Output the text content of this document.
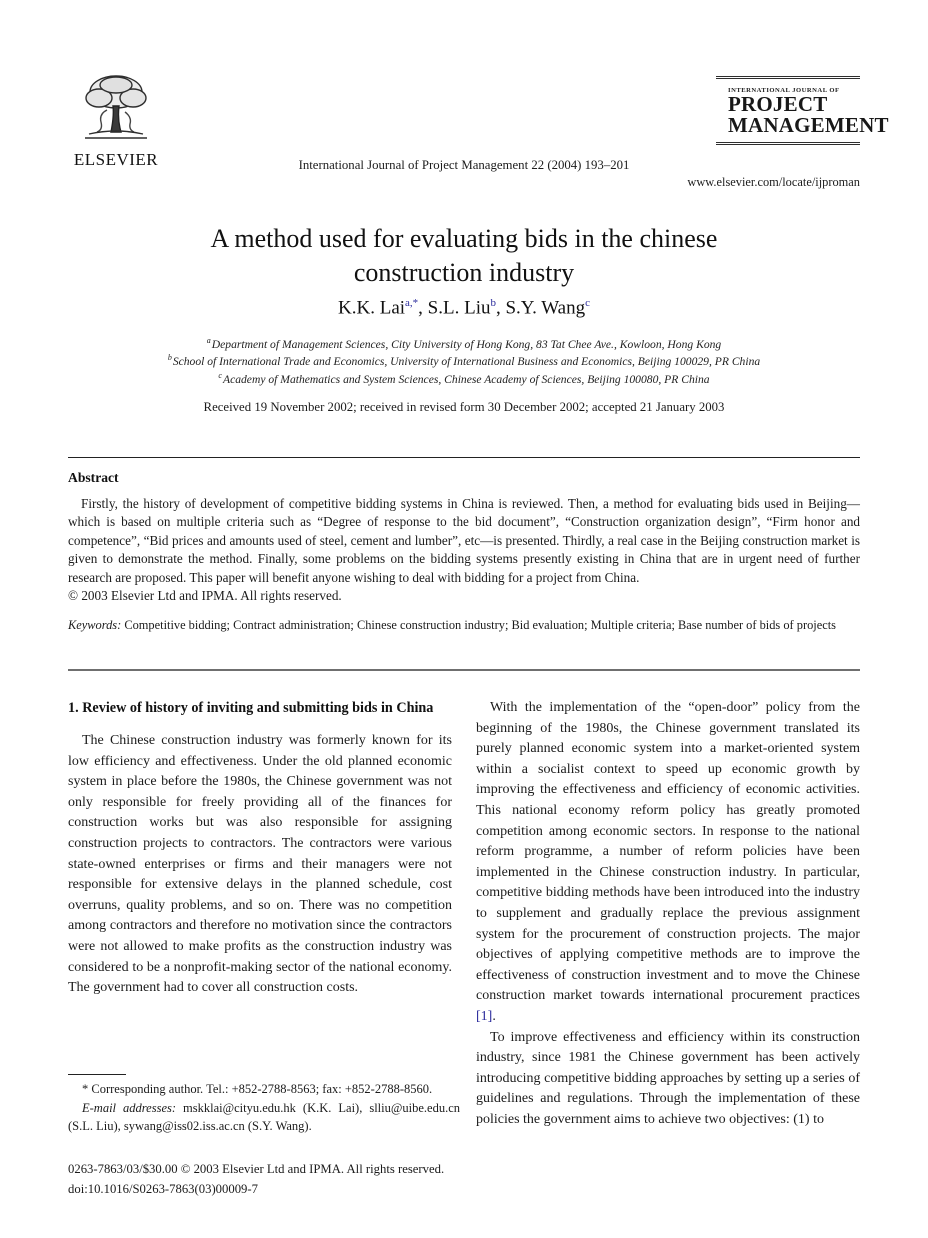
ELSEVIER	International Journal of Project Management 22 (2004) 193–201
INTERNATIONAL JOURNAL OF
PROJECT
MANAGEMENT
www.elsevier.com/locate/ijproman
A method used for evaluating bids in the chinese construction industry
K.K. Lai$^{a,*}$, S.L. Liu$^b$, S.Y. Wang$^c$
$^a$Department of Management Sciences, City University of Hong Kong, 83 Tat Chee Ave., Kowloon, Hong Kong
$^b$School of International Trade and Economics, University of International Business and Economics, Beijing 100029, PR China
$^c$Academy of Mathematics and System Sciences, Chinese Academy of Sciences, Beijing 100080, PR China
Received 19 November 2002; received in revised form 30 December 2002; accepted 21 January 2003
Abstract

Firstly, the history of development of competitive bidding systems in China is reviewed. Then, a method for evaluating bids used in Beijing—which is based on multiple criteria such as “Degree of response to the bid document”, “Construction organization design”, “Firm honor and competence”, “Bid prices and amounts used of steel, cement and lumber”, etc—is presented. Thirdly, a real case in the Beijing construction market is given to demonstrate the method. Finally, some problems on the bidding systems presently existing in China that are in urgent need of further research are proposed. This paper will benefit anyone wishing to deal with bidding for a project from China.

© 2003 Elsevier Ltd and IPMA. All rights reserved.

Keywords: Competitive bidding; Contract administration; Chinese construction industry; Bid evaluation; Multiple criteria; Base number of bids of projects

1. Review of history of inviting and submitting bids in China

The Chinese construction industry was formerly known for its low efficiency and effectiveness. Under the old planned economic system in place before the 1980s, the Chinese government was not only responsible for freely providing all of the finances for construction works but was also responsible for assigning construction projects to contractors. The contractors were various state-owned enterprises or firms and their managers were not responsible for extensive delays in the planned schedule, cost overruns, quality problems, and so on. There was no competition among contractors and therefore no motivation since the contractors were not allowed to make profits as the construction industry was considered to be a nonprofit-making sector of the national economy. The government had to cover all construction costs.

With the implementation of the “open-door” policy from the beginning of the 1980s, the Chinese government translated its purely planned economic system into a market-oriented system within a socialist context to speed up economic growth by improving the effectiveness and efficiency of economic activities. This national economy reform policy has greatly promoted competition among economic sectors. In response to the national reform programme, a number of reform policies have been implemented in the Chinese construction industry. In particular, competitive bidding methods have been introduced into the industry to supplement and gradually replace the previous assignment system for the procurement of construction projects. The major objectives of applying competitive methods are to improve the effectiveness of construction investment and to move the Chinese construction market towards international procurement practices [1].

To improve effectiveness and efficiency within its construction industry, since 1981 the Chinese government has been actively introducing competitive bidding approaches by setting up a series of guidelines and regulations. Through the implementation of these policies the government aims to achieve two objectives: (1) to

* Corresponding author. Tel.: +852-2788-8563; fax: +852-2788-8560.
E-mail addresses: mskklai@cityu.edu.hk (K.K. Lai), slliu@uibe.edu.cn (S.L. Liu), sywang@iss02.iss.ac.cn (S.Y. Wang).
0263-7863/03/$30.00 © 2003 Elsevier Ltd and IPMA. All rights reserved.
doi:10.1016/S0263-7863(03)00009-7
